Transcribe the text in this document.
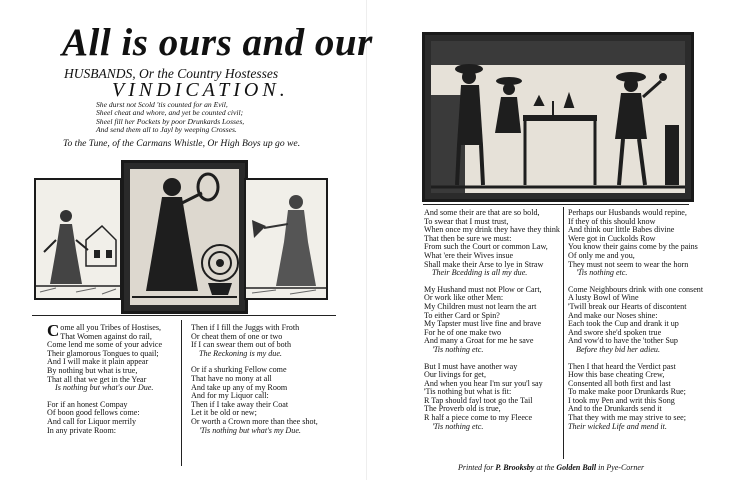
All is ours and our
HUSBANDS, Or the Country Hostesses
VINDICATION.
She durst not Scold 'tis counted for an Evil,
Sheel cheat and whore, and yet be counted civil;
Sheel fill her Pockets by poor Drunkards Losses,
And send them all to Jayl by weeping Crosses.
To the Tune, of the Carmans Whistle, Or High Boys up go we.
Come all you Tribes of Hostises,
That Women against do rail,
Come lend me some of your advice
Their glamorous Tongues to quail;
And I will make it plain appear
By nothing but what is true,
That all that we get in the Year
Is nothing but what's our Due.
For if an honest Compay
Of boon good fellows come:
And call for Liquor merrily
In any private Room:
Then if I fill the Juggs with Froth
Or cheat them of one or two
If I can swear them out of both
The Reckoning is my due.
Or if a shurking Fellow come
That have no mony at all
And take up any of my Room
And for my Liquor call:
Then if I take away their Coat
Let it be old or new;
Or worth a Crown more than thee shot,
'Tis nothing but what's my Due.
And some their are that are so bold,
To swear that I must trust,
When once my drink they have they think
That then be sure we must:
From such the Court or common Law,
What 'ere their Wives insue
Shall make their Arse to lye in Straw
Their Bcedding is all my due.
My Hushand must not Plow or Cart,
Or work like other Men:
My Children must not learn the art
To either Card or Spin?
My Tapster must live fine and brave
For he of one make two
And many a Groat for me he save
'Tis nothing etc.
But I must have another way
Our livings for get,
And when you hear I'm sur you'l say
'Tis nothing but what is fit:
R Tap should fayl toot go the Tail
The Proverb old is true,
R half a piece come to my Fleece
'Tis nothing etc.
Perhaps our Husbands would repine,
If they of this should know
And think our little Babes divine
Were got in Cuckolds Row
You know their gains come by the pains
Of only me and you,
They must not seem to wear the horn
'Tis nothing etc.
Come Neighbours drink with one consent
A lusty Bowl of Wine
'Twill break our Hearts of discontent
And make our Noses shine:
Each took the Cup and drank it up
And swore she'd spoken true
And vow'd to have the 'tother Sup
Before they bid her adieu.
Then I that heard the Verdict past
How this base cheating Crew,
Consented all both first and last
To make make poor Drunkards Rue;
I took my Pen and writ this Song
And to the Drunkards send it
That they with me may strive to see;
Their wicked Life and mend it.
Printed for P. Brooksby at the Golden Ball in Pye-Corner
